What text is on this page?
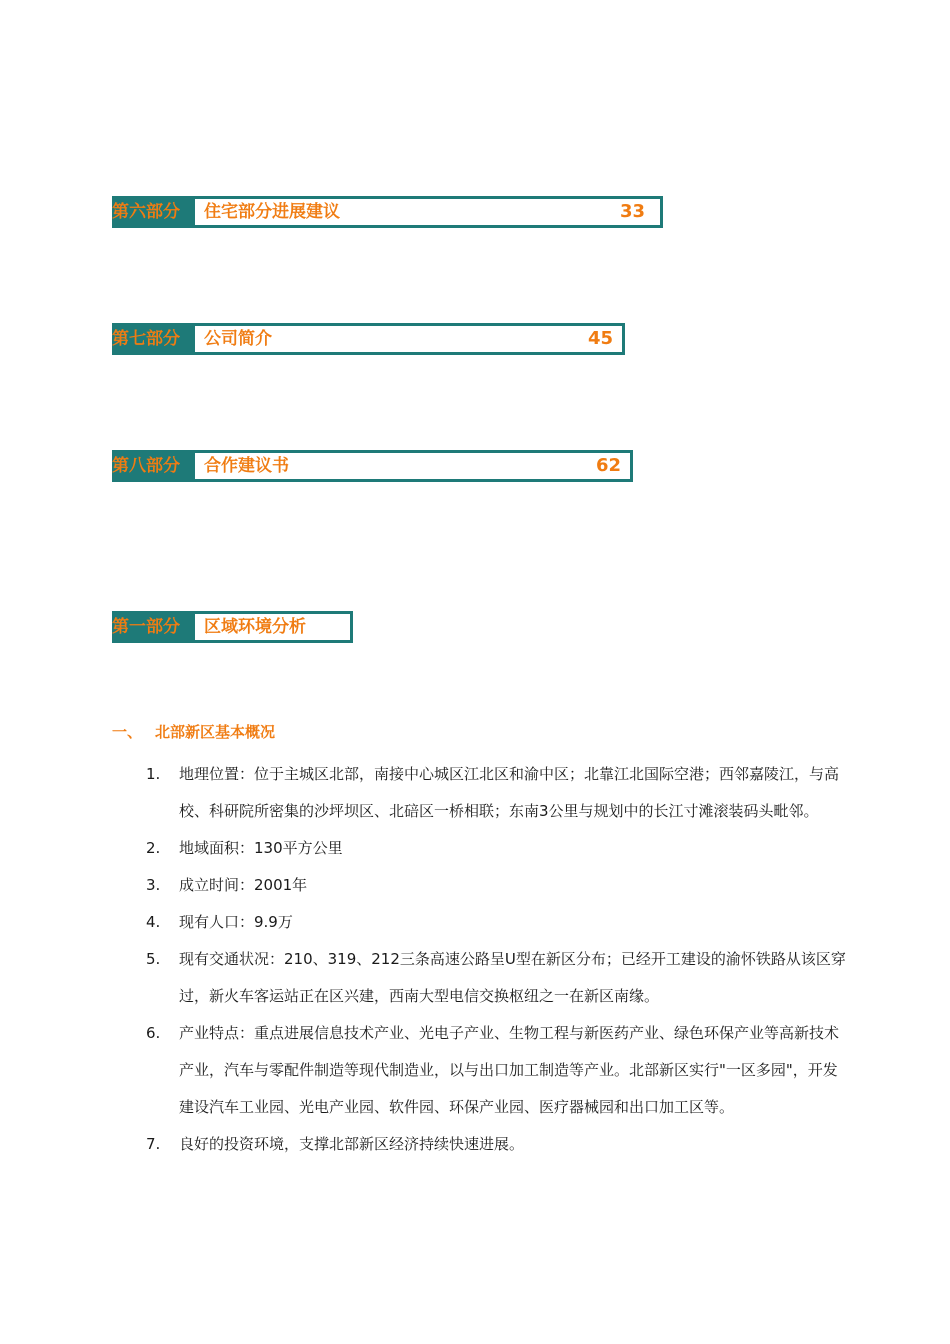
第六部分	住宅部分进展建议	33
第七部分	公司简介	45
第八部分	合作建议书	62
第一部分	区域环境分析
一、 北部新区基本概况
1. 地理位置：位于主城区北部，南接中心城区江北区和渝中区；北靠江北国际空港；西邻嘉陵江，与高校、科研院所密集的沙坪坝区、北碚区一桥相联；东南3公里与规划中的长江寸滩滚装码头毗邻。
2. 地域面积：130平方公里
3. 成立时间：2001年
4. 现有人口：9.9万
5. 现有交通状况：210、319、212三条高速公路呈U型在新区分布；已经开工建设的渝怀铁路从该区穿过，新火车客运站正在区兴建，西南大型电信交换枢纽之一在新区南缘。
6. 产业特点：重点进展信息技术产业、光电子产业、生物工程与新医药产业、绿色环保产业等高新技术产业，汽车与零配件制造等现代制造业，以与出口加工制造等产业。北部新区实行"一区多园"，开发建设汽车工业园、光电产业园、软件园、环保产业园、医疗器械园和出口加工区等。
7. 良好的投资环境，支撑北部新区经济持续快速进展。
